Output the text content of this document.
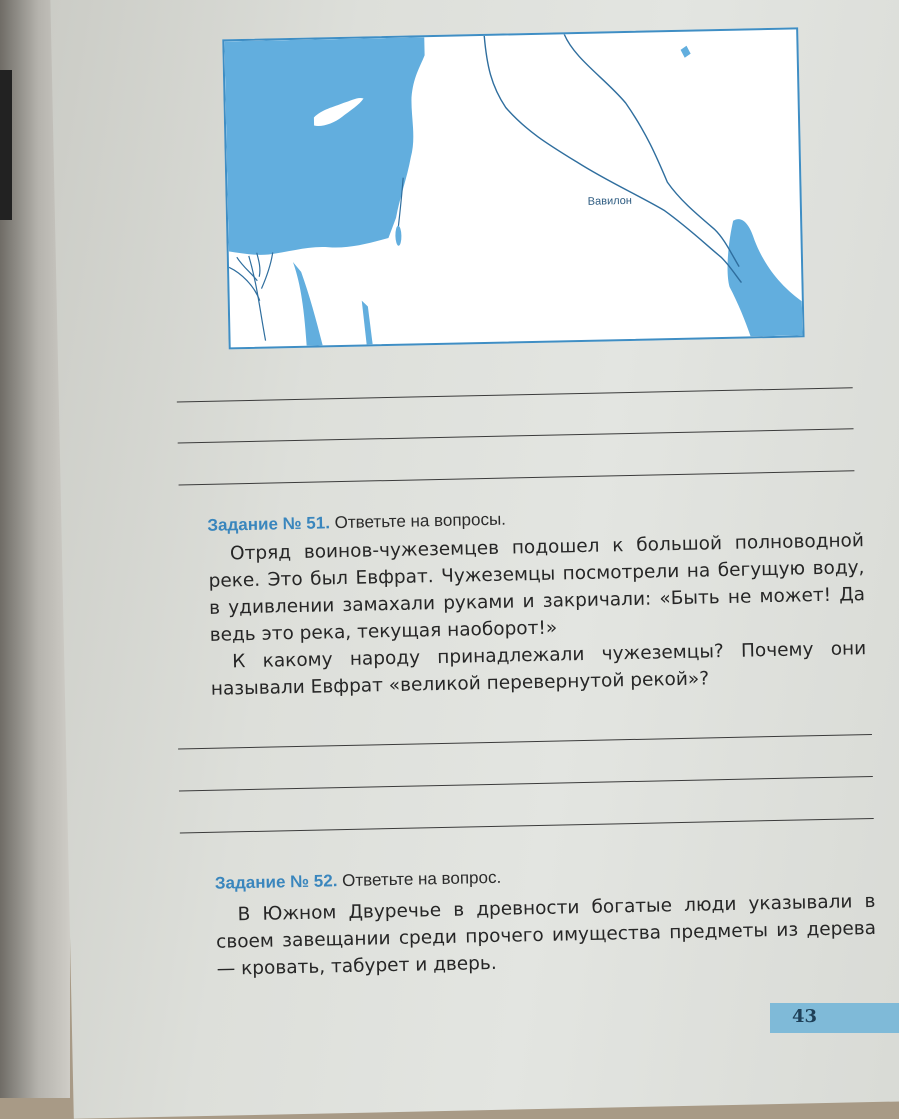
Вавилон
Задание № 51. Ответьте на вопросы.

Отряд воинов-чужеземцев подошел к большой полноводной реке. Это был Евфрат. Чужеземцы посмотрели на бегущую воду, в удивлении замахали руками и закричали: «Быть не может! Да ведь это река, текущая наоборот!»

К какому народу принадлежали чужеземцы? Почему они называли Евфрат «великой перевернутой рекой»?

Задание № 52. Ответьте на вопрос.

В Южном Двуречье в древности богатые люди указывали в своем завещании среди прочего имущества предметы из дерева — кровать, табурет и дверь.

43
